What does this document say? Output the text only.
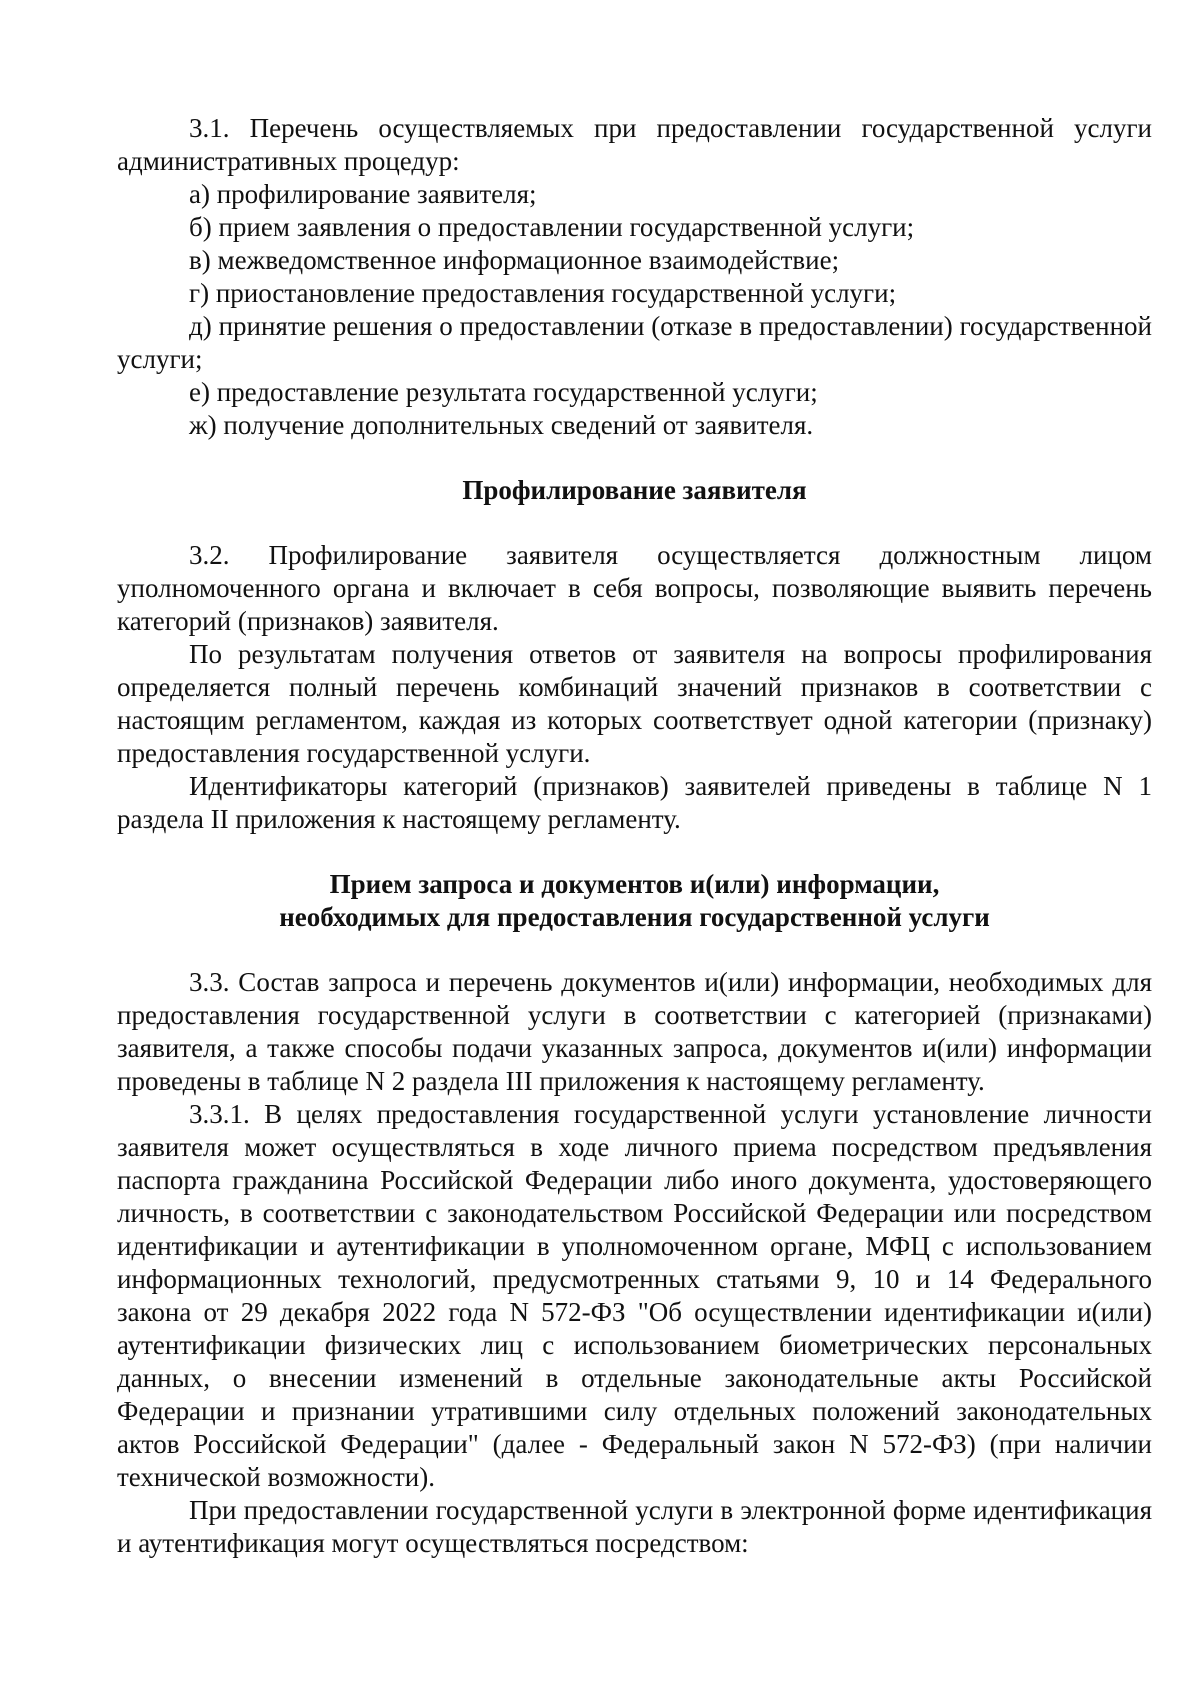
3.1. Перечень осуществляемых при предоставлении государственной услуги административных процедур:

а) профилирование заявителя;

б) прием заявления о предоставлении государственной услуги;

в) межведомственное информационное взаимодействие;

г) приостановление предоставления государственной услуги;

д) принятие решения о предоставлении (отказе в предоставлении) государственной услуги;

е) предоставление результата государственной услуги;

ж) получение дополнительных сведений от заявителя.

Профилирование заявителя

3.2. Профилирование заявителя осуществляется должностным лицом уполномоченного органа и включает в себя вопросы, позволяющие выявить перечень категорий (признаков) заявителя.

По результатам получения ответов от заявителя на вопросы профилирования определяется полный перечень комбинаций значений признаков в соответствии с настоящим регламентом, каждая из которых соответствует одной категории (признаку) предоставления государственной услуги.

Идентификаторы категорий (признаков) заявителей приведены в таблице N 1 раздела II приложения к настоящему регламенту.

Прием запроса и документов и(или) информации,
необходимых для предоставления государственной услуги

3.3. Состав запроса и перечень документов и(или) информации, необходимых для предоставления государственной услуги в соответствии с категорией (признаками) заявителя, а также способы подачи указанных запроса, документов и(или) информации проведены в таблице N 2 раздела III приложения к настоящему регламенту.

3.3.1. В целях предоставления государственной услуги установление личности заявителя может осуществляться в ходе личного приема посредством предъявления паспорта гражданина Российской Федерации либо иного документа, удостоверяющего личность, в соответствии с законодательством Российской Федерации или посредством идентификации и аутентификации в уполномоченном органе, МФЦ с использованием информационных технологий, предусмотренных статьями 9, 10 и 14 Федерального закона от 29 декабря 2022 года N 572-ФЗ "Об осуществлении идентификации и(или) аутентификации физических лиц с использованием биометрических персональных данных, о внесении изменений в отдельные законодательные акты Российской Федерации и признании утратившими силу отдельных положений законодательных актов Российской Федерации" (далее - Федеральный закон N 572-ФЗ) (при наличии технической возможности).

При предоставлении государственной услуги в электронной форме идентификация и аутентификация могут осуществляться посредством:
